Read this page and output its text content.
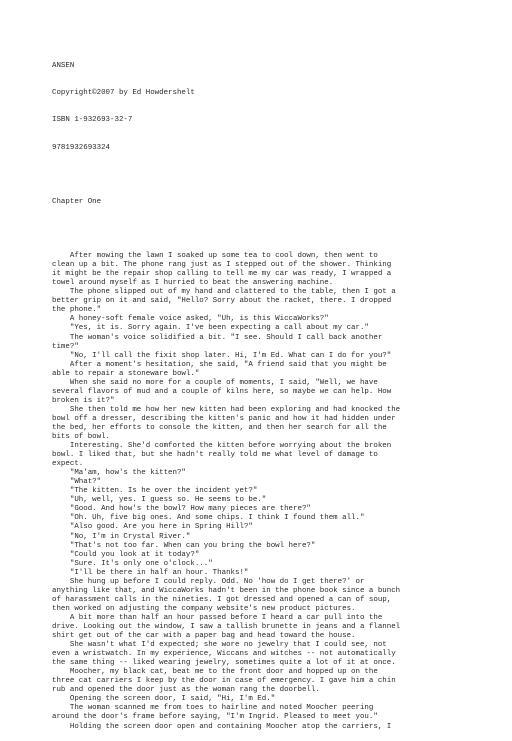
ANSEN

Copyright©2007 by Ed Howdershelt

ISBN 1-932693-32-7

9781932693324

Chapter One

After mowing the lawn I soaked up some tea to cool down, then went to
clean up a bit. The phone rang just as I stepped out of the shower. Thinking
it might be the repair shop calling to tell me my car was ready, I wrapped a
towel around myself as I hurried to beat the answering machine.
The phone slipped out of my hand and clattered to the table, then I got a
better grip on it and said, "Hello? Sorry about the racket, there. I dropped
the phone."
A honey-soft female voice asked, "Uh, is this WiccaWorks?"
"Yes, it is. Sorry again. I've been expecting a call about my car."
The woman's voice solidified a bit. "I see. Should I call back another
time?"
"No, I'll call the fixit shop later. Hi, I'm Ed. What can I do for you?"
After a moment's hesitation, she said, "A friend said that you might be
able to repair a stoneware bowl."
When she said no more for a couple of moments, I said, "Well, we have
several flavors of mud and a couple of kilns here, so maybe we can help. How
broken is it?"
She then told me how her new kitten had been exploring and had knocked the
bowl off a dresser, describing the kitten's panic and how it had hidden under
the bed, her efforts to console the kitten, and then her search for all the
bits of bowl.
Interesting. She'd comforted the kitten before worrying about the broken
bowl. I liked that, but she hadn't really told me what level of damage to
expect.
"Ma'am, how's the kitten?"
"What?"
"The kitten. Is he over the incident yet?"
"Uh, well, yes. I guess so. He seems to be."
"Good. And how's the bowl? How many pieces are there?"
"Oh. Uh, five big ones. And some chips. I think I found them all."
"Also good. Are you here in Spring Hill?"
"No, I'm in Crystal River."
"That's not too far. When can you bring the bowl here?"
"Could you look at it today?"
"Sure. It's only one o'clock..."
"I'll be there in half an hour. Thanks!"
She hung up before I could reply. Odd. No 'how do I get there?' or
anything like that, and WiccaWorks hadn't been in the phone book since a bunch
of harassment calls in the nineties. I got dressed and opened a can of soup,
then worked on adjusting the company website's new product pictures.
A bit more than half an hour passed before I heard a car pull into the
drive. Looking out the window, I saw a tallish brunette in jeans and a flannel
shirt get out of the car with a paper bag and head toward the house.
She wasn't what I'd expected; she wore no jewelry that I could see, not
even a wristwatch. In my experience, Wiccans and witches -- not automatically
the same thing -- liked wearing jewelry, sometimes quite a lot of it at once.
Moocher, my black cat, beat me to the front door and hopped up on the
three cat carriers I keep by the door in case of emergency. I gave him a chin
rub and opened the door just as the woman rang the doorbell.
Opening the screen door, I said, "Hi, I'm Ed."
The woman scanned me from toes to hairline and noted Moocher peering
around the door's frame before saying, "I'm Ingrid. Pleased to meet you."
Holding the screen door open and containing Moocher atop the carriers, I
